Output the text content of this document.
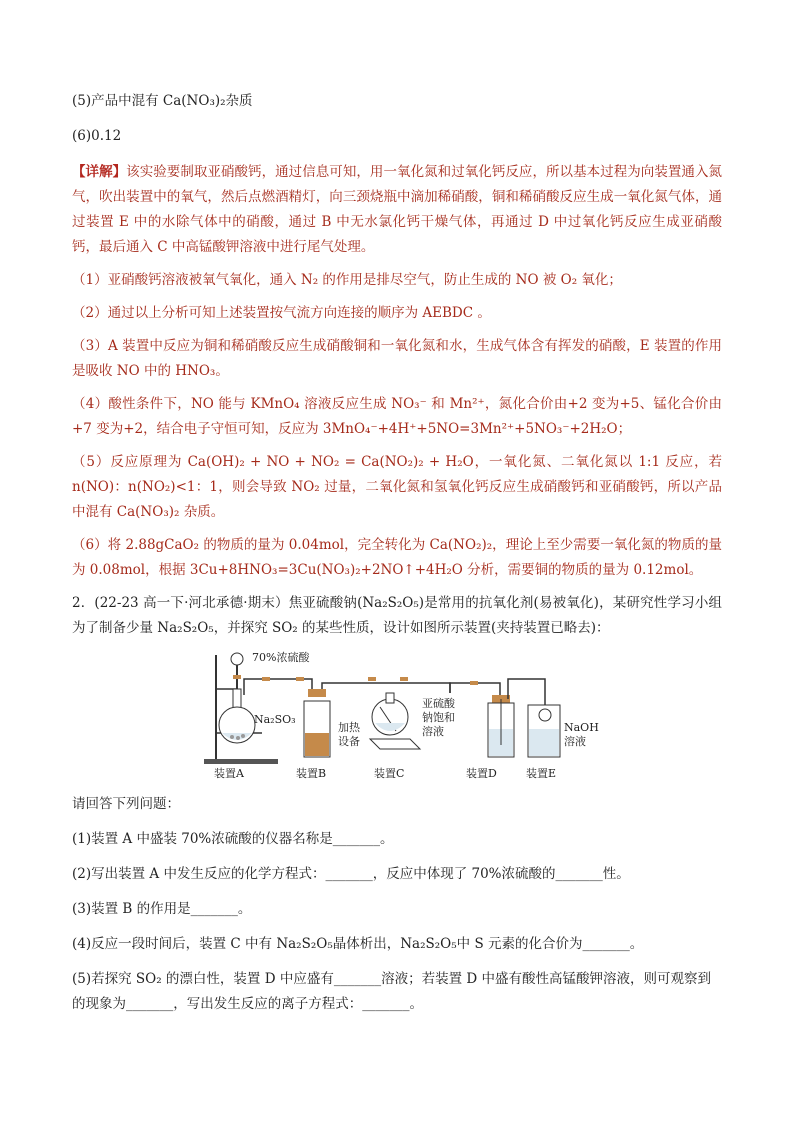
(5)产品中混有 Ca(NO₃)₂杂质

(6)0.12

【详解】该实验要制取亚硝酸钙，通过信息可知，用一氧化氮和过氧化钙反应，所以基本过程为向装置通入氮气，吹出装置中的氧气，然后点燃酒精灯，向三颈烧瓶中滴加稀硝酸，铜和稀硝酸反应生成一氧化氮气体，通过装置 E 中的水除气体中的硝酸，通过 B 中无水氯化钙干燥气体，再通过 D 中过氧化钙反应生成亚硝酸钙，最后通入 C 中高锰酸钾溶液中进行尾气处理。

（1）亚硝酸钙溶液被氧气氧化，通入 N₂ 的作用是排尽空气，防止生成的 NO 被 O₂ 氧化；

（2）通过以上分析可知上述装置按气流方向连接的顺序为 AEBDC 。

（3）A 装置中反应为铜和稀硝酸反应生成硝酸铜和一氧化氮和水，生成气体含有挥发的硝酸，E 装置的作用是吸收 NO 中的 HNO₃。

（4）酸性条件下，NO 能与 KMnO₄ 溶液反应生成 NO₃⁻ 和 Mn²⁺，氮化合价由+2 变为+5、锰化合价由+7 变为+2，结合电子守恒可知，反应为 3MnO₄⁻+4H⁺+5NO=3Mn²⁺+5NO₃⁻+2H₂O；

（5）反应原理为 Ca(OH)₂ + NO + NO₂ = Ca(NO₂)₂ + H₂O，一氧化氮、二氧化氮以 1:1 反应，若 n(NO)：n(NO₂)<1：1，则会导致 NO₂ 过量，二氧化氮和氢氧化钙反应生成硝酸钙和亚硝酸钙，所以产品中混有 Ca(NO₃)₂ 杂质。

（6）将 2.88gCaO₂ 的物质的量为 0.04mol，完全转化为 Ca(NO₂)₂，理论上至少需要一氧化氮的物质的量为 0.08mol，根据 3Cu+8HNO₃=3Cu(NO₃)₂+2NO↑+4H₂O 分析，需要铜的物质的量为 0.12mol。

2．(22-23 高一下·河北承德·期末）焦亚硫酸钠(Na₂S₂O₅)是常用的抗氧化剂(易被氧化)，某研究性学习小组为了制备少量 Na₂S₂O₅，并探究 SO₂ 的某些性质，设计如图所示装置(夹持装置已略去)：

70%浓硫酸
Na₂SO₃
加热
设备
亚硫酸
钠饱和
溶液	NaOH
溶液
装置A	装置B	装置C	装置D	装置E

请回答下列问题：

(1)装置 A 中盛装 70%浓硫酸的仪器名称是_______。

(2)写出装置 A 中发生反应的化学方程式：_______，反应中体现了 70%浓硫酸的_______性。

(3)装置 B 的作用是_______。

(4)反应一段时间后，装置 C 中有 Na₂S₂O₅晶体析出，Na₂S₂O₅中 S 元素的化合价为_______。

(5)若探究 SO₂ 的漂白性，装置 D 中应盛有_______溶液；若装置 D 中盛有酸性高锰酸钾溶液，则可观察到的现象为_______，写出发生反应的离子方程式：_______。
